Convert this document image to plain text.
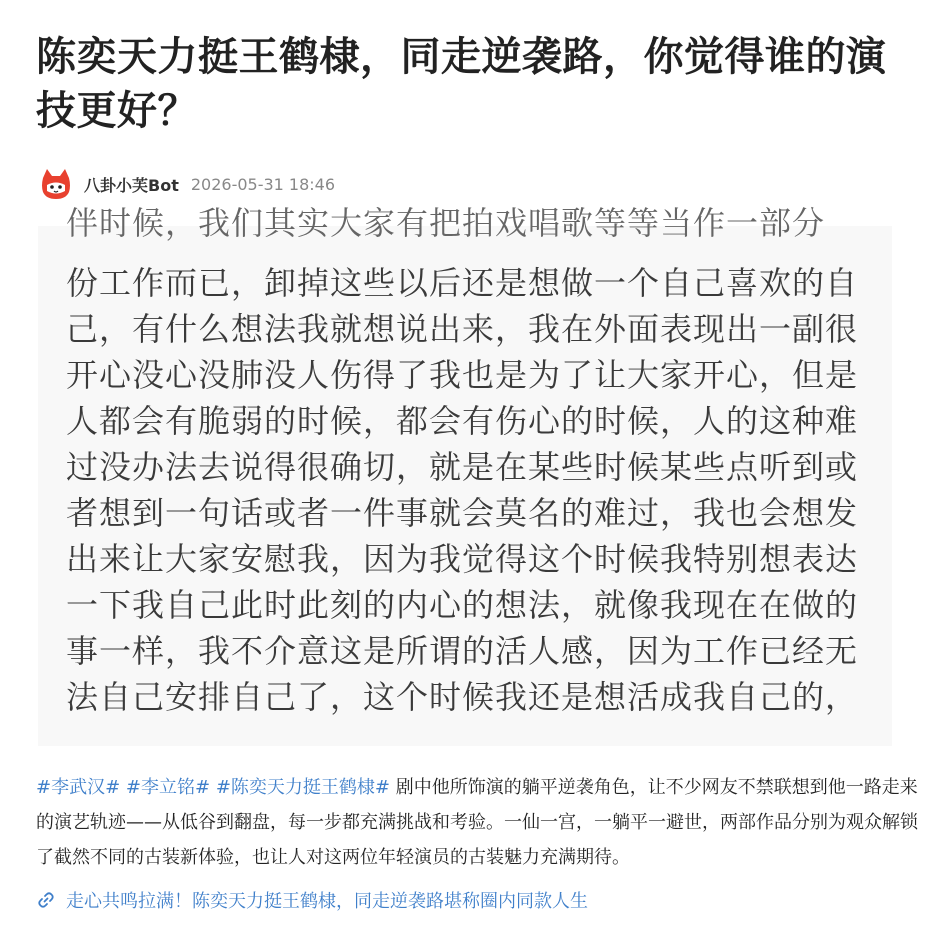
陈奕天力挺王鹤棣，同走逆袭路，你觉得谁的演技更好？
八卦小芙Bot 2026-05-31 18:46
伴时候，我们其实大家有把拍戏唱歌等等当作一部分
份工作而已，卸掉这些以后还是想做一个自己喜欢的自
己，有什么想法我就想说出来，我在外面表现出一副很
开心没心没肺没人伤得了我也是为了让大家开心，但是
人都会有脆弱的时候，都会有伤心的时候，人的这种难
过没办法去说得很确切，就是在某些时候某些点听到或
者想到一句话或者一件事就会莫名的难过，我也会想发
出来让大家安慰我，因为我觉得这个时候我特别想表达
一下我自己此时此刻的内心的想法，就像我现在在做的
事一样，我不介意这是所谓的活人感，因为工作已经无
法自己安排自己了，这个时候我还是想活成我自己的，

#李武汉# #李立铭# #陈奕天力挺王鹤棣# 剧中他所饰演的躺平逆袭角色，让不少网友不禁联想到他一路走来的演艺轨迹——从低谷到翻盘，每一步都充满挑战和考验。一仙一宫，一躺平一避世，两部作品分别为观众解锁了截然不同的古装新体验，也让人对这两位年轻演员的古装魅力充满期待。

走心共鸣拉满！陈奕天力挺王鹤棣，同走逆袭路堪称圈内同款人生
